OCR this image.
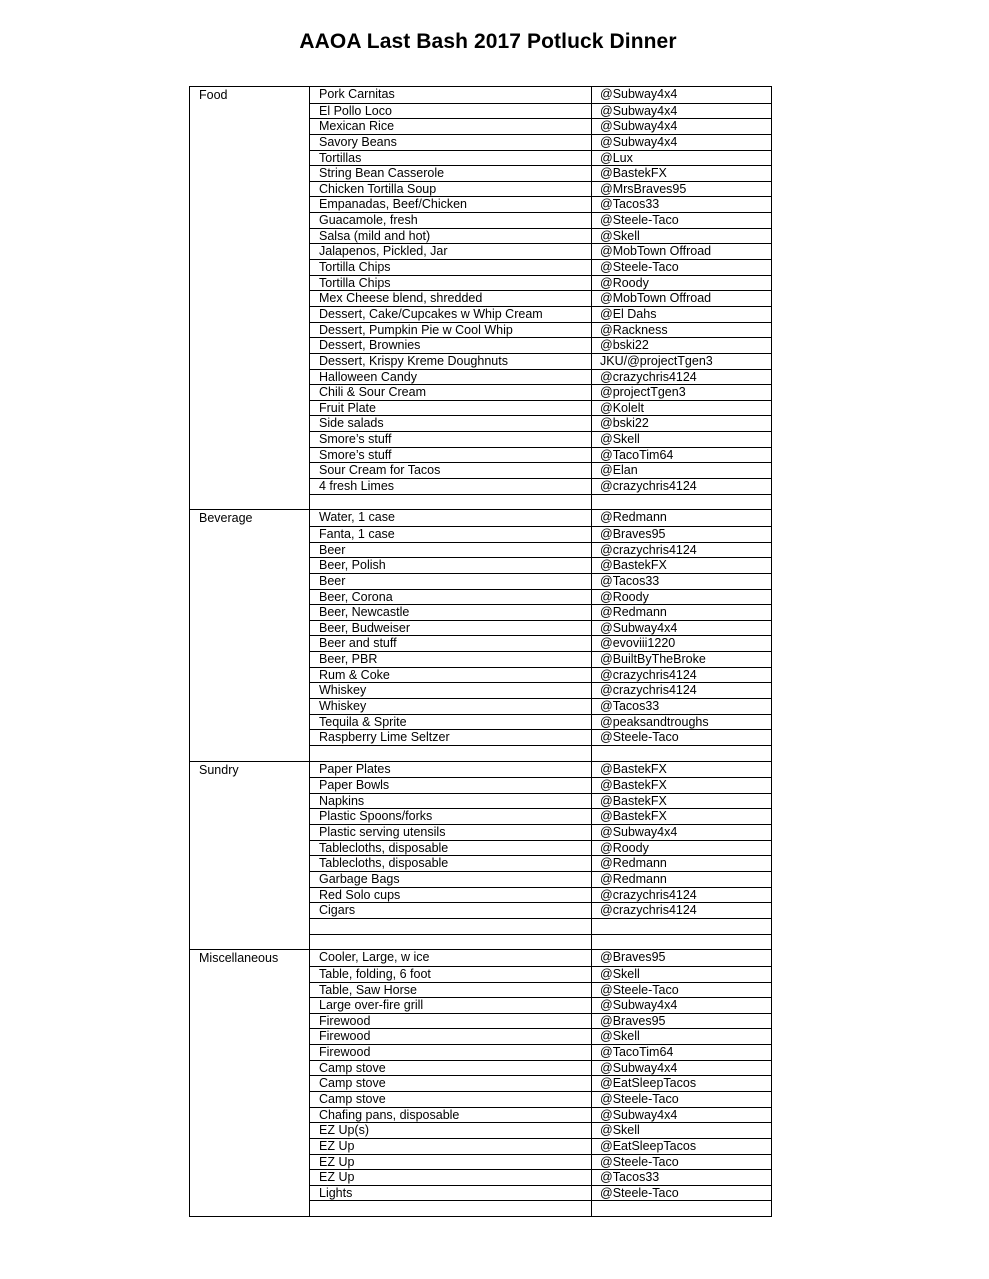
AAOA Last Bash 2017 Potluck Dinner
Food	Pork Carnitas	@Subway4x4
El Pollo Loco	@Subway4x4
Mexican Rice	@Subway4x4
Savory Beans	@Subway4x4
Tortillas	@Lux
String Bean Casserole	@BastekFX
Chicken Tortilla Soup	@MrsBraves95
Empanadas, Beef/Chicken	@Tacos33
Guacamole, fresh	@Steele-Taco
Salsa (mild and hot)	@Skell
Jalapenos, Pickled, Jar	@MobTown Offroad
Tortilla Chips	@Steele-Taco
Tortilla Chips	@Roody
Mex Cheese blend, shredded	@MobTown Offroad
Dessert, Cake/Cupcakes w Whip Cream	@El Dahs
Dessert, Pumpkin Pie w Cool Whip	@Rackness
Dessert, Brownies	@bski22
Dessert, Krispy Kreme Doughnuts	JKU/@projectTgen3
Halloween Candy	@crazychris4124
Chili & Sour Cream	@projectTgen3
Fruit Plate	@Kolelt
Side salads	@bski22
Smore’s stuff	@Skell
Smore’s stuff	@TacoTim64
Sour Cream for Tacos	@Elan
4 fresh Limes	@crazychris4124
Beverage	Water, 1 case	@Redmann
Fanta, 1 case	@Braves95
Beer	@crazychris4124
Beer, Polish	@BastekFX
Beer	@Tacos33
Beer, Corona	@Roody
Beer, Newcastle	@Redmann
Beer, Budweiser	@Subway4x4
Beer and stuff	@evoviii1220
Beer, PBR	@BuiltByTheBroke
Rum & Coke	@crazychris4124
Whiskey	@crazychris4124
Whiskey	@Tacos33
Tequila & Sprite	@peaksandtroughs
Raspberry Lime Seltzer	@Steele-Taco
Sundry	Paper Plates	@BastekFX
Paper Bowls	@BastekFX
Napkins	@BastekFX
Plastic Spoons/forks	@BastekFX
Plastic serving utensils	@Subway4x4
Tablecloths, disposable	@Roody
Tablecloths, disposable	@Redmann
Garbage Bags	@Redmann
Red Solo cups	@crazychris4124
Cigars	@crazychris4124
Miscellaneous	Cooler, Large, w ice	@Braves95
Table, folding, 6 foot	@Skell
Table, Saw Horse	@Steele-Taco
Large over-fire grill	@Subway4x4
Firewood	@Braves95
Firewood	@Skell
Firewood	@TacoTim64
Camp stove	@Subway4x4
Camp stove	@EatSleepTacos
Camp stove	@Steele-Taco
Chafing pans, disposable	@Subway4x4
EZ Up(s)	@Skell
EZ Up	@EatSleepTacos
EZ Up	@Steele-Taco
EZ Up	@Tacos33
Lights	@Steele-Taco
